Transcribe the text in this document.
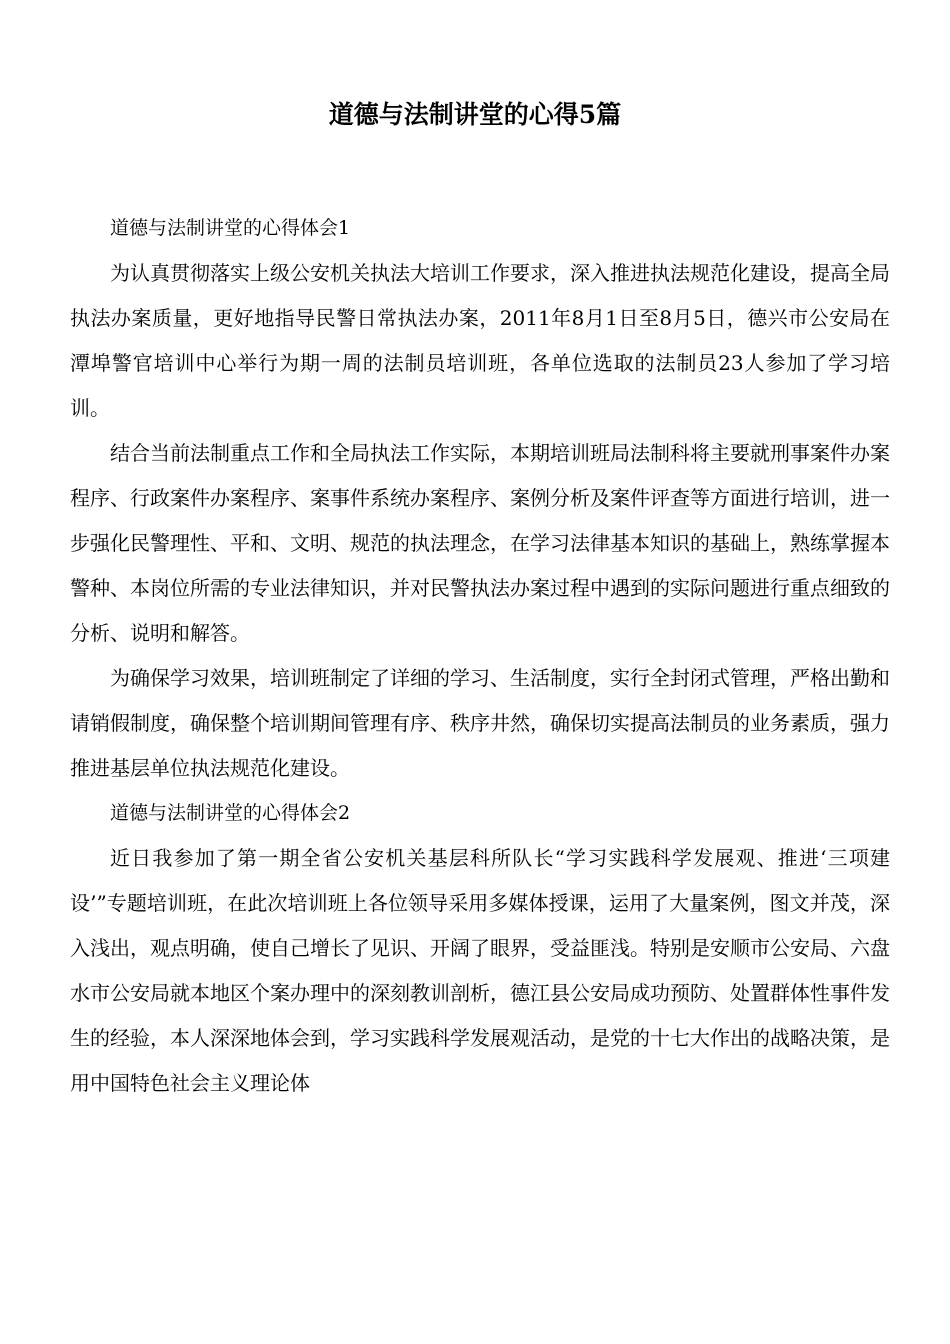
道德与法制讲堂的心得5篇

道德与法制讲堂的心得体会1

为认真贯彻落实上级公安机关执法大培训工作要求，深入推进执法规范化建设，提高全局执法办案质量，更好地指导民警日常执法办案，2011年8月1日至8月5日，德兴市公安局在潭埠警官培训中心举行为期一周的法制员培训班，各单位选取的法制员23人参加了学习培训。

结合当前法制重点工作和全局执法工作实际，本期培训班局法制科将主要就刑事案件办案程序、行政案件办案程序、案事件系统办案程序、案例分析及案件评查等方面进行培训，进一步强化民警理性、平和、文明、规范的执法理念，在学习法律基本知识的基础上，熟练掌握本警种、本岗位所需的专业法律知识，并对民警执法办案过程中遇到的实际问题进行重点细致的分析、说明和解答。

为确保学习效果，培训班制定了详细的学习、生活制度，实行全封闭式管理，严格出勤和请销假制度，确保整个培训期间管理有序、秩序井然，确保切实提高法制员的业务素质，强力推进基层单位执法规范化建设。

道德与法制讲堂的心得体会2

近日我参加了第一期全省公安机关基层科所队长“学习实践科学发展观、推进‘三项建设’”专题培训班，在此次培训班上各位领导采用多媒体授课，运用了大量案例，图文并茂，深入浅出，观点明确，使自己增长了见识、开阔了眼界，受益匪浅。特别是安顺市公安局、六盘水市公安局就本地区个案办理中的深刻教训剖析，德江县公安局成功预防、处置群体性事件发生的经验，本人深深地体会到，学习实践科学发展观活动，是党的十七大作出的战略决策，是用中国特色社会主义理论体
